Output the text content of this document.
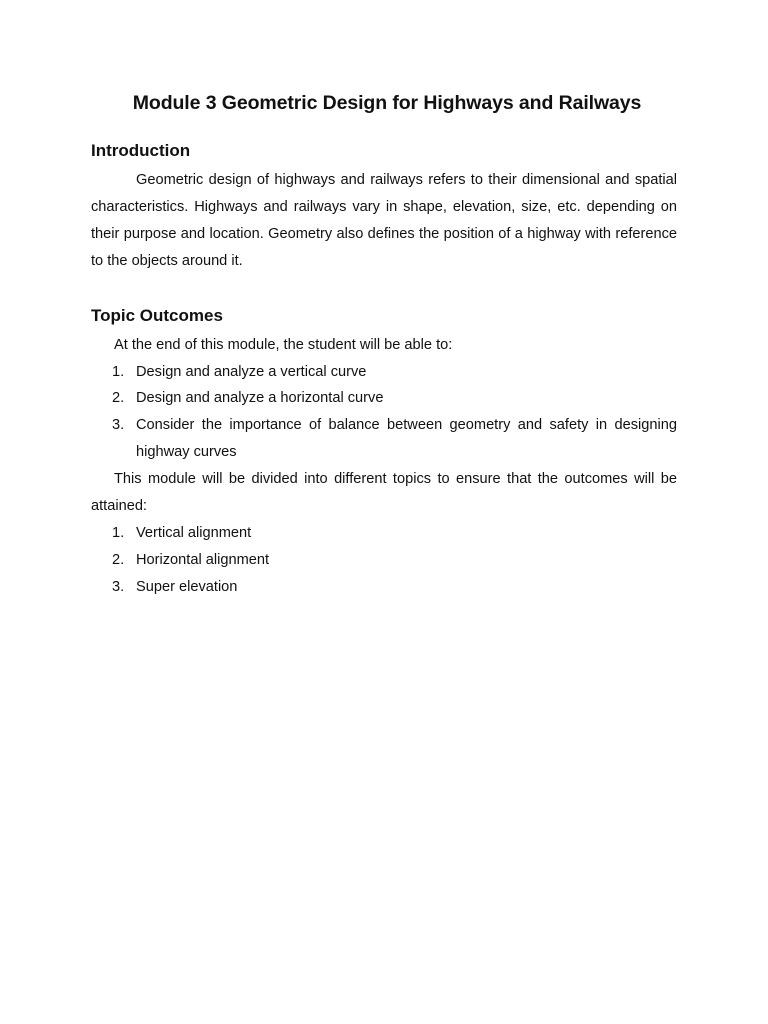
Module 3 Geometric Design for Highways and Railways
Introduction

Geometric design of highways and railways refers to their dimensional and spatial characteristics. Highways and railways vary in shape, elevation, size, etc. depending on their purpose and location. Geometry also defines the position of a highway with reference to the objects around it.

Topic Outcomes

At the end of this module, the student will be able to:

1. Design and analyze a vertical curve
2. Design and analyze a horizontal curve
3. Consider the importance of balance between geometry and safety in designing highway curves

This module will be divided into different topics to ensure that the outcomes will be attained:

1. Vertical alignment
2. Horizontal alignment
3. Super elevation
